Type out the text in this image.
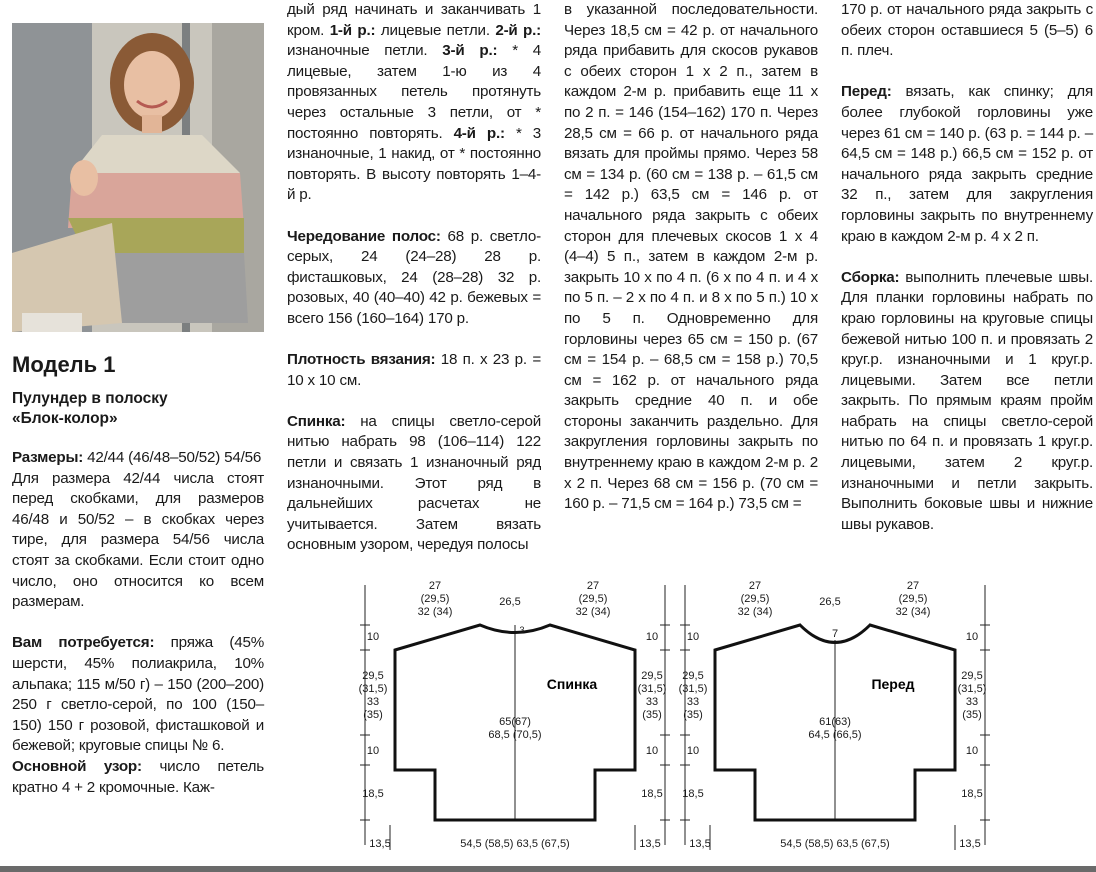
Модель 1
Пулундер в полоску
«Блок-колор»

Размеры: 42/44 (46/48–50/52) 54/56

Для размера 42/44 числа стоят перед скобками, для размеров 46/48 и 50/52 – в скобках через тире, для размера 54/56 числа стоят за скобками. Если стоит одно число, оно относится ко всем размерам.

Вам потребуется: пряжа (45% шерсти, 45% полиакрила, 10% альпака; 115 м/50 г) – 150 (200–200) 250 г светло-серой, по 100 (150–150) 150 г розовой, фисташковой и бежевой; круговые спицы № 6.

Основной узор: число петель кратно 4 + 2 кромочные. Каж-

дый ряд начинать и заканчивать 1 кром. 1-й р.: лицевые петли. 2-й р.: изнаночные петли. 3-й р.: * 4 лицевые, затем 1-ю из 4 провязанных петель протянуть через остальные 3 петли, от * постоянно повторять. 4-й р.: * 3 изнаночные, 1 накид, от * постоянно повторять. В высоту повторять 1–4-й р.

Чередование полос: 68 р. светло-серых, 24 (24–28) 28 р. фисташковых, 24 (28–28) 32 р. розовых, 40 (40–40) 42 р. бежевых = всего 156 (160–164) 170 р.

Плотность вязания: 18 п. х 23 р. = 10 х 10 см.

Спинка: на спицы светло-серой нитью набрать 98 (106–114) 122 петли и связать 1 изнаночный ряд изнаночными. Этот ряд в дальнейших расчетах не учитывается. Затем вязать основным узором, чередуя полосы

в указанной последовательности. Через 18,5 см = 42 р. от начального ряда прибавить для скосов рукавов с обеих сторон 1 х 2 п., затем в каждом 2-м р. прибавить еще 11 х по 2 п. = 146 (154–162) 170 п. Через 28,5 см = 66 р. от начального ряда вязать для проймы прямо. Через 58 см = 134 р. (60 см = 138 р. – 61,5 см = 142 р.) 63,5 см = 146 р. от начального ряда закрыть с обеих сторон для плечевых скосов 1 х 4 (4–4) 5 п., затем в каждом 2-м р. закрыть 10 х по 4 п. (6 х по 4 п. и 4 х по 5 п. – 2 х по 4 п. и 8 х по 5 п.) 10 х по 5 п. Одновременно для горловины через 65 см = 150 р. (67 см = 154 р. – 68,5 см = 158 р.) 70,5 см = 162 р. от начального ряда закрыть средние 40 п. и обе стороны заканчить раздельно. Для закругления горловины закрыть по внутреннему краю в каждом 2-м р. 2 х 2 п. Через 68 см = 156 р. (70 см = 160 р. – 71,5 см = 164 р.) 73,5 см =

170 р. от начального ряда закрыть с обеих сторон оставшиеся 5 (5–5) 6 п. плеч.

Перед: вязать, как спинку; для более глубокой горловины уже через 61 см = 140 р. (63 р. = 144 р. – 64,5 см = 148 р.) 66,5 см = 152 р. от начального ряда закрыть средние 32 п., затем для закругления горловины закрыть по внутреннему краю в каждом 2-м р. 4 х 2 п.

Сборка: выполнить плечевые швы. Для планки горловины набрать по краю горловины на круговые спицы бежевой нитью 100 п. и провязать 2 круг.р. изнаночными и 1 круг.р. лицевыми. Затем все петли закрыть. По прямым краям пройм набрать на спицы светло-серой нитью по 64 п. и провязать 1 круг.р. лицевыми, затем 2 круг.р. изнаночными и петли закрыть. Выполнить боковые швы и нижние швы рукавов.

27
(29,5)
32 (34)
26,5
27
(29,5)
32 (34)
3
10
29,5
(31,5)
33
(35)
10
18,5
10
29,5
(31,5)
33
(35)
10
18,5
65(67)
68,5 (70,5)
13,5	54,5 (58,5) 63,5 (67,5)	13,5
Спинка
27
(29,5)
32 (34)
26,5
27
(29,5)
32 (34)
7
10
29,5
(31,5)
33
(35)
10
18,5
10
29,5
(31,5)
33
(35)
10
18,5
61(63)
64,5 (66,5)
13,5	54,5 (58,5) 63,5 (67,5)	13,5
Перед
